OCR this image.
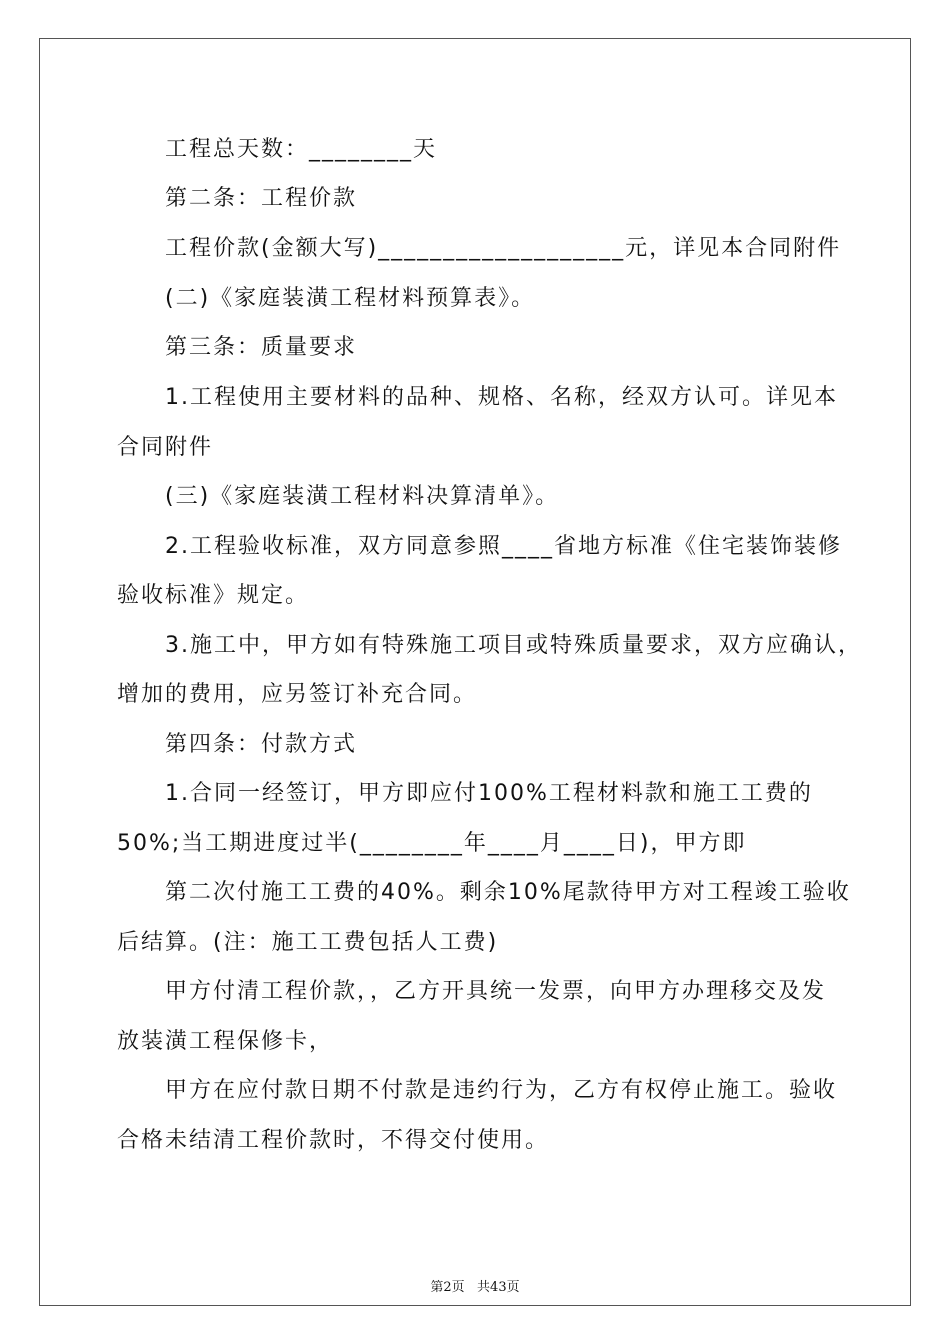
工程总天数：________天
第二条：工程价款
工程价款(金额大写)___________________元，详见本合同附件
(二)《家庭装潢工程材料预算表》。
第三条：质量要求
1.工程使用主要材料的品种、规格、名称，经双方认可。详见本
合同附件
(三)《家庭装潢工程材料决算清单》。
2.工程验收标准，双方同意参照____省地方标准《住宅装饰装修
验收标准》规定。
3.施工中，甲方如有特殊施工项目或特殊质量要求，双方应确认，
增加的费用，应另签订补充合同。
第四条：付款方式
1.合同一经签订，甲方即应付100%工程材料款和施工工费的
50%;当工期进度过半(________年____月____日)，甲方即
第二次付施工工费的40%。剩余10%尾款待甲方对工程竣工验收
后结算。(注：施工工费包括人工费)
甲方付清工程价款，，乙方开具统一发票，向甲方办理移交及发
放装潢工程保修卡，
甲方在应付款日期不付款是违约行为，乙方有权停止施工。验收
合格未结清工程价款时，不得交付使用。
第2页   共43页
